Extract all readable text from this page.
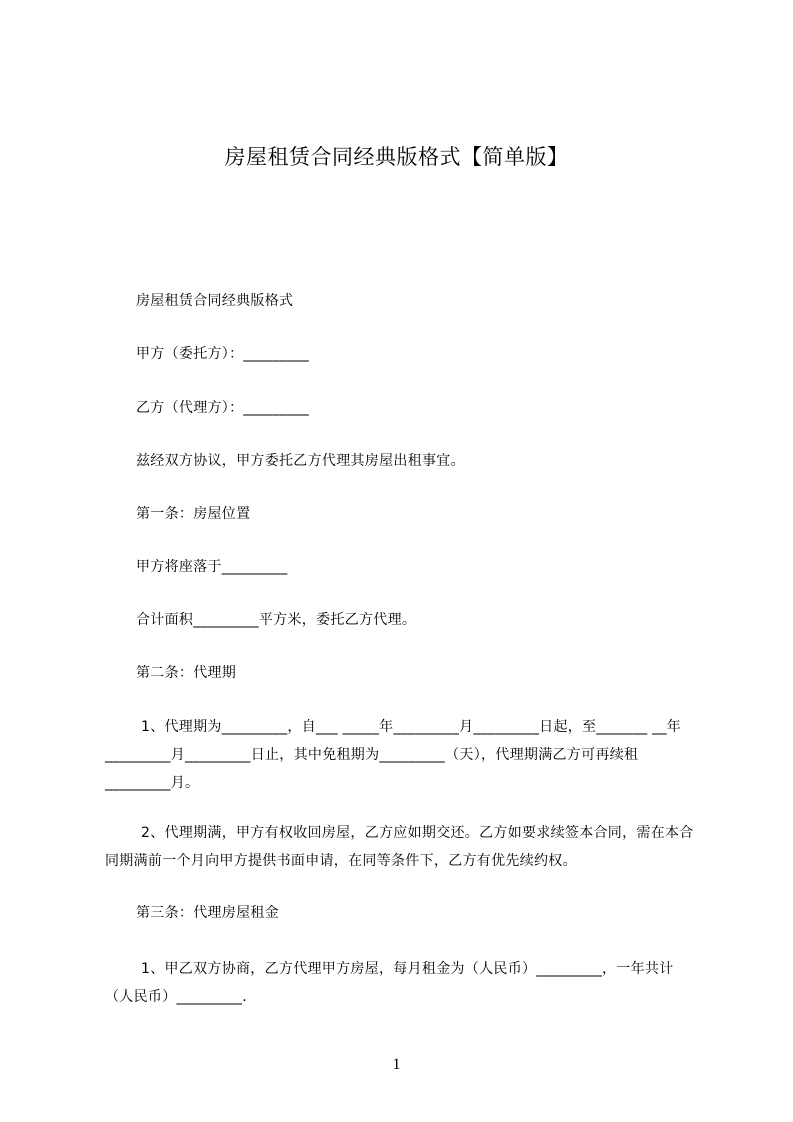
房屋租赁合同经典版格式【简单版】
房屋租赁合同经典版格式
甲方（委托方）：_________
乙方（代理方）：_________
兹经双方协议，甲方委托乙方代理其房屋出租事宜。
第一条：房屋位置
甲方将座落于_________
合计面积_________平方米，委托乙方代理。
第二条：代理期
1、代理期为_________，自___ _____年_________月_________日起，至_______ __年_________月_________日止，其中免租期为_________（天），代理期满乙方可再续租_________月。
2、代理期满，甲方有权收回房屋，乙方应如期交还。乙方如要求续签本合同，需在本合同期满前一个月向甲方提供书面申请，在同等条件下，乙方有优先续约权。
第三条：代理房屋租金
1、甲乙双方协商，乙方代理甲方房屋，每月租金为（人民币）_________，一年共计（人民币）_________.
1
